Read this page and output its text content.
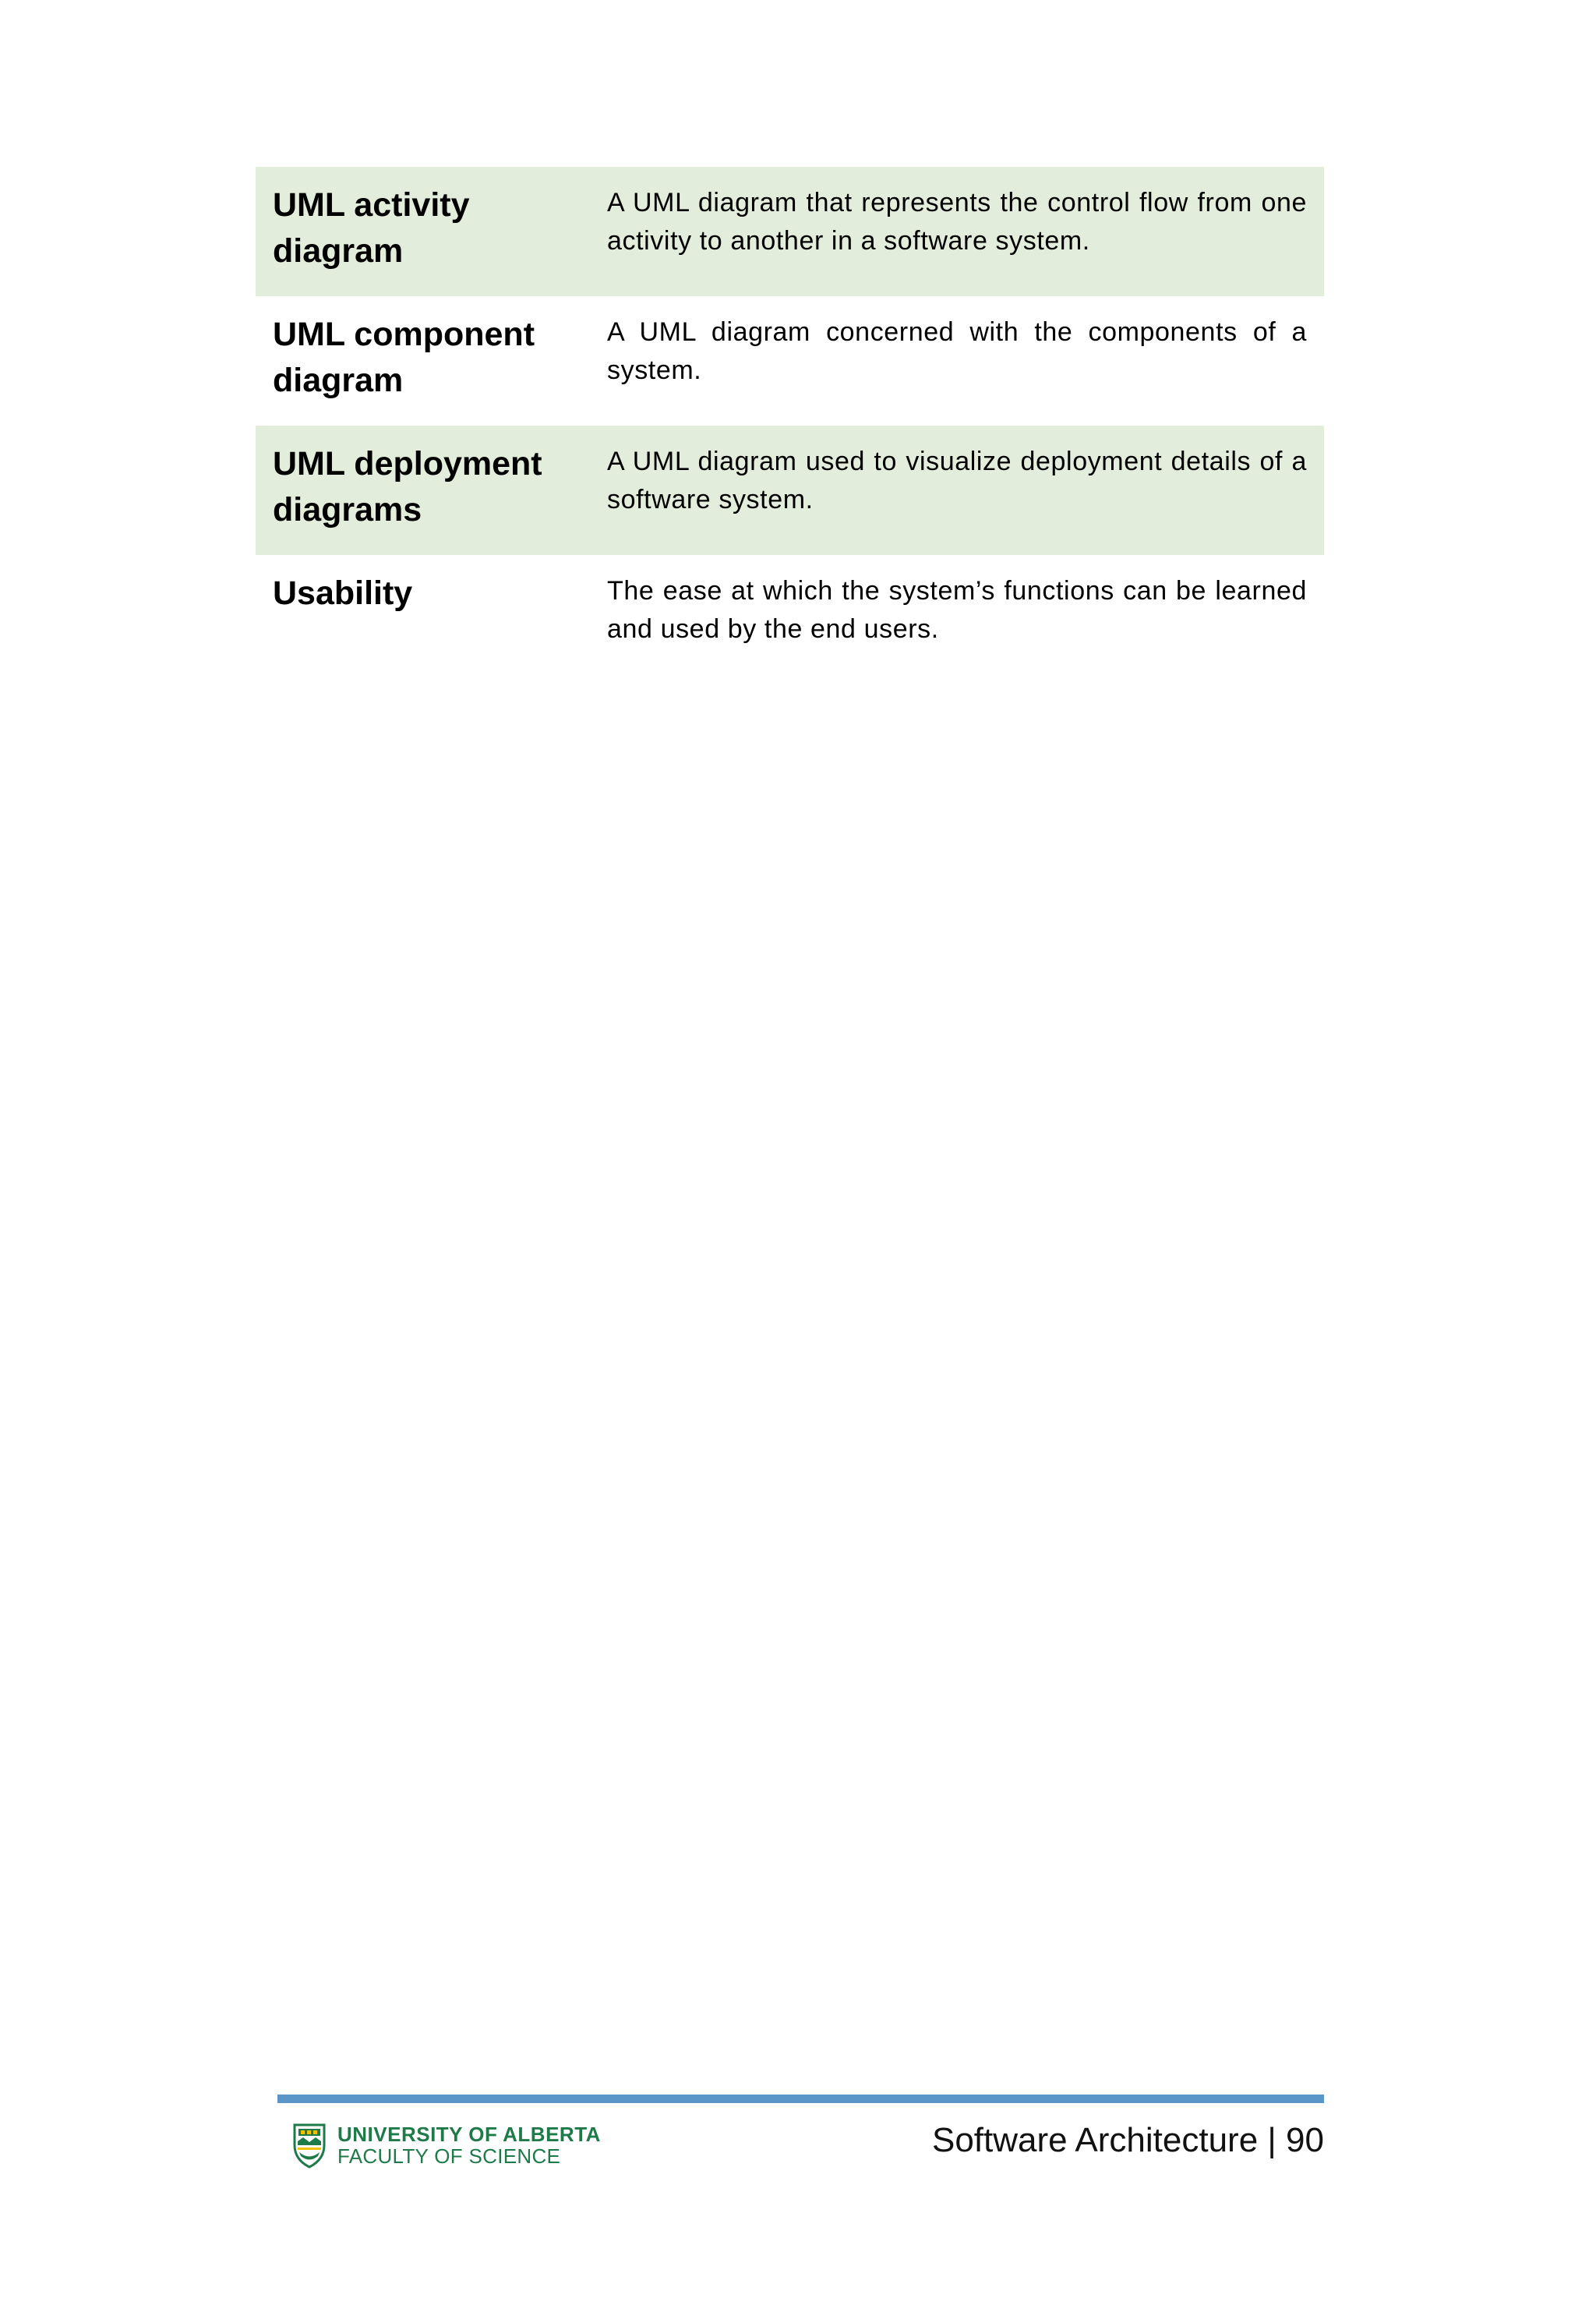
UML activity diagram
A UML diagram that represents the control flow from one activity to another in a software system.
UML component diagram
A UML diagram concerned with the components of a system.
UML deployment diagrams
A UML diagram used to visualize deployment details of a software system.
Usability	The ease at which the system’s functions can be learned and used by the end users.
UNIVERSITY OF ALBERTA
FACULTY OF SCIENCE	Software Architecture | 90
